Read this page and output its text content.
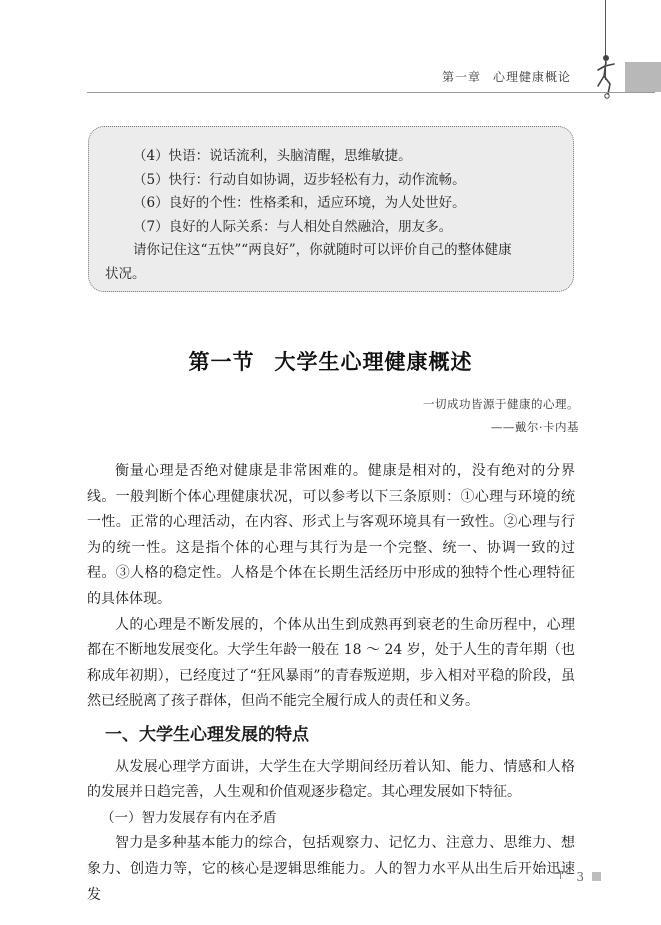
第一章 心理健康概论

（4）快语：说话流利，头脑清醒，思维敏捷。

（5）快行：行动自如协调，迈步轻松有力，动作流畅。

（6）良好的个性：性格柔和，适应环境，为人处世好。

（7）良好的人际关系：与人相处自然融洽，朋友多。

请你记住这“五快”“两良好”，你就随时可以评价自己的整体健康

状况。

第一节 大学生心理健康概述
一切成功皆源于健康的心理。
——戴尔·卡内基

衡量心理是否绝对健康是非常困难的。健康是相对的，没有绝对的分界线。一般判断个体心理健康状况，可以参考以下三条原则：①心理与环境的统一性。正常的心理活动，在内容、形式上与客观环境具有一致性。②心理与行为的统一性。这是指个体的心理与其行为是一个完整、统一、协调一致的过程。③人格的稳定性。人格是个体在长期生活经历中形成的独特个性心理特征的具体体现。

人的心理是不断发展的，个体从出生到成熟再到衰老的生命历程中，心理都在不断地发展变化。大学生年龄一般在 18 ～ 24 岁，处于人生的青年期（也称成年初期），已经度过了“狂风暴雨”的青春叛逆期，步入相对平稳的阶段，虽然已经脱离了孩子群体，但尚不能完全履行成人的责任和义务。

一、大学生心理发展的特点

从发展心理学方面讲，大学生在大学期间经历着认知、能力、情感和人格的发展并日趋完善，人生观和价值观逐步稳定。其心理发展如下特征。

（一）智力发展存有内在矛盾

智力是多种基本能力的综合，包括观察力、记忆力、注意力、思维力、想象力、创造力等，它的核心是逻辑思维能力。人的智力水平从出生后开始迅速发

3
